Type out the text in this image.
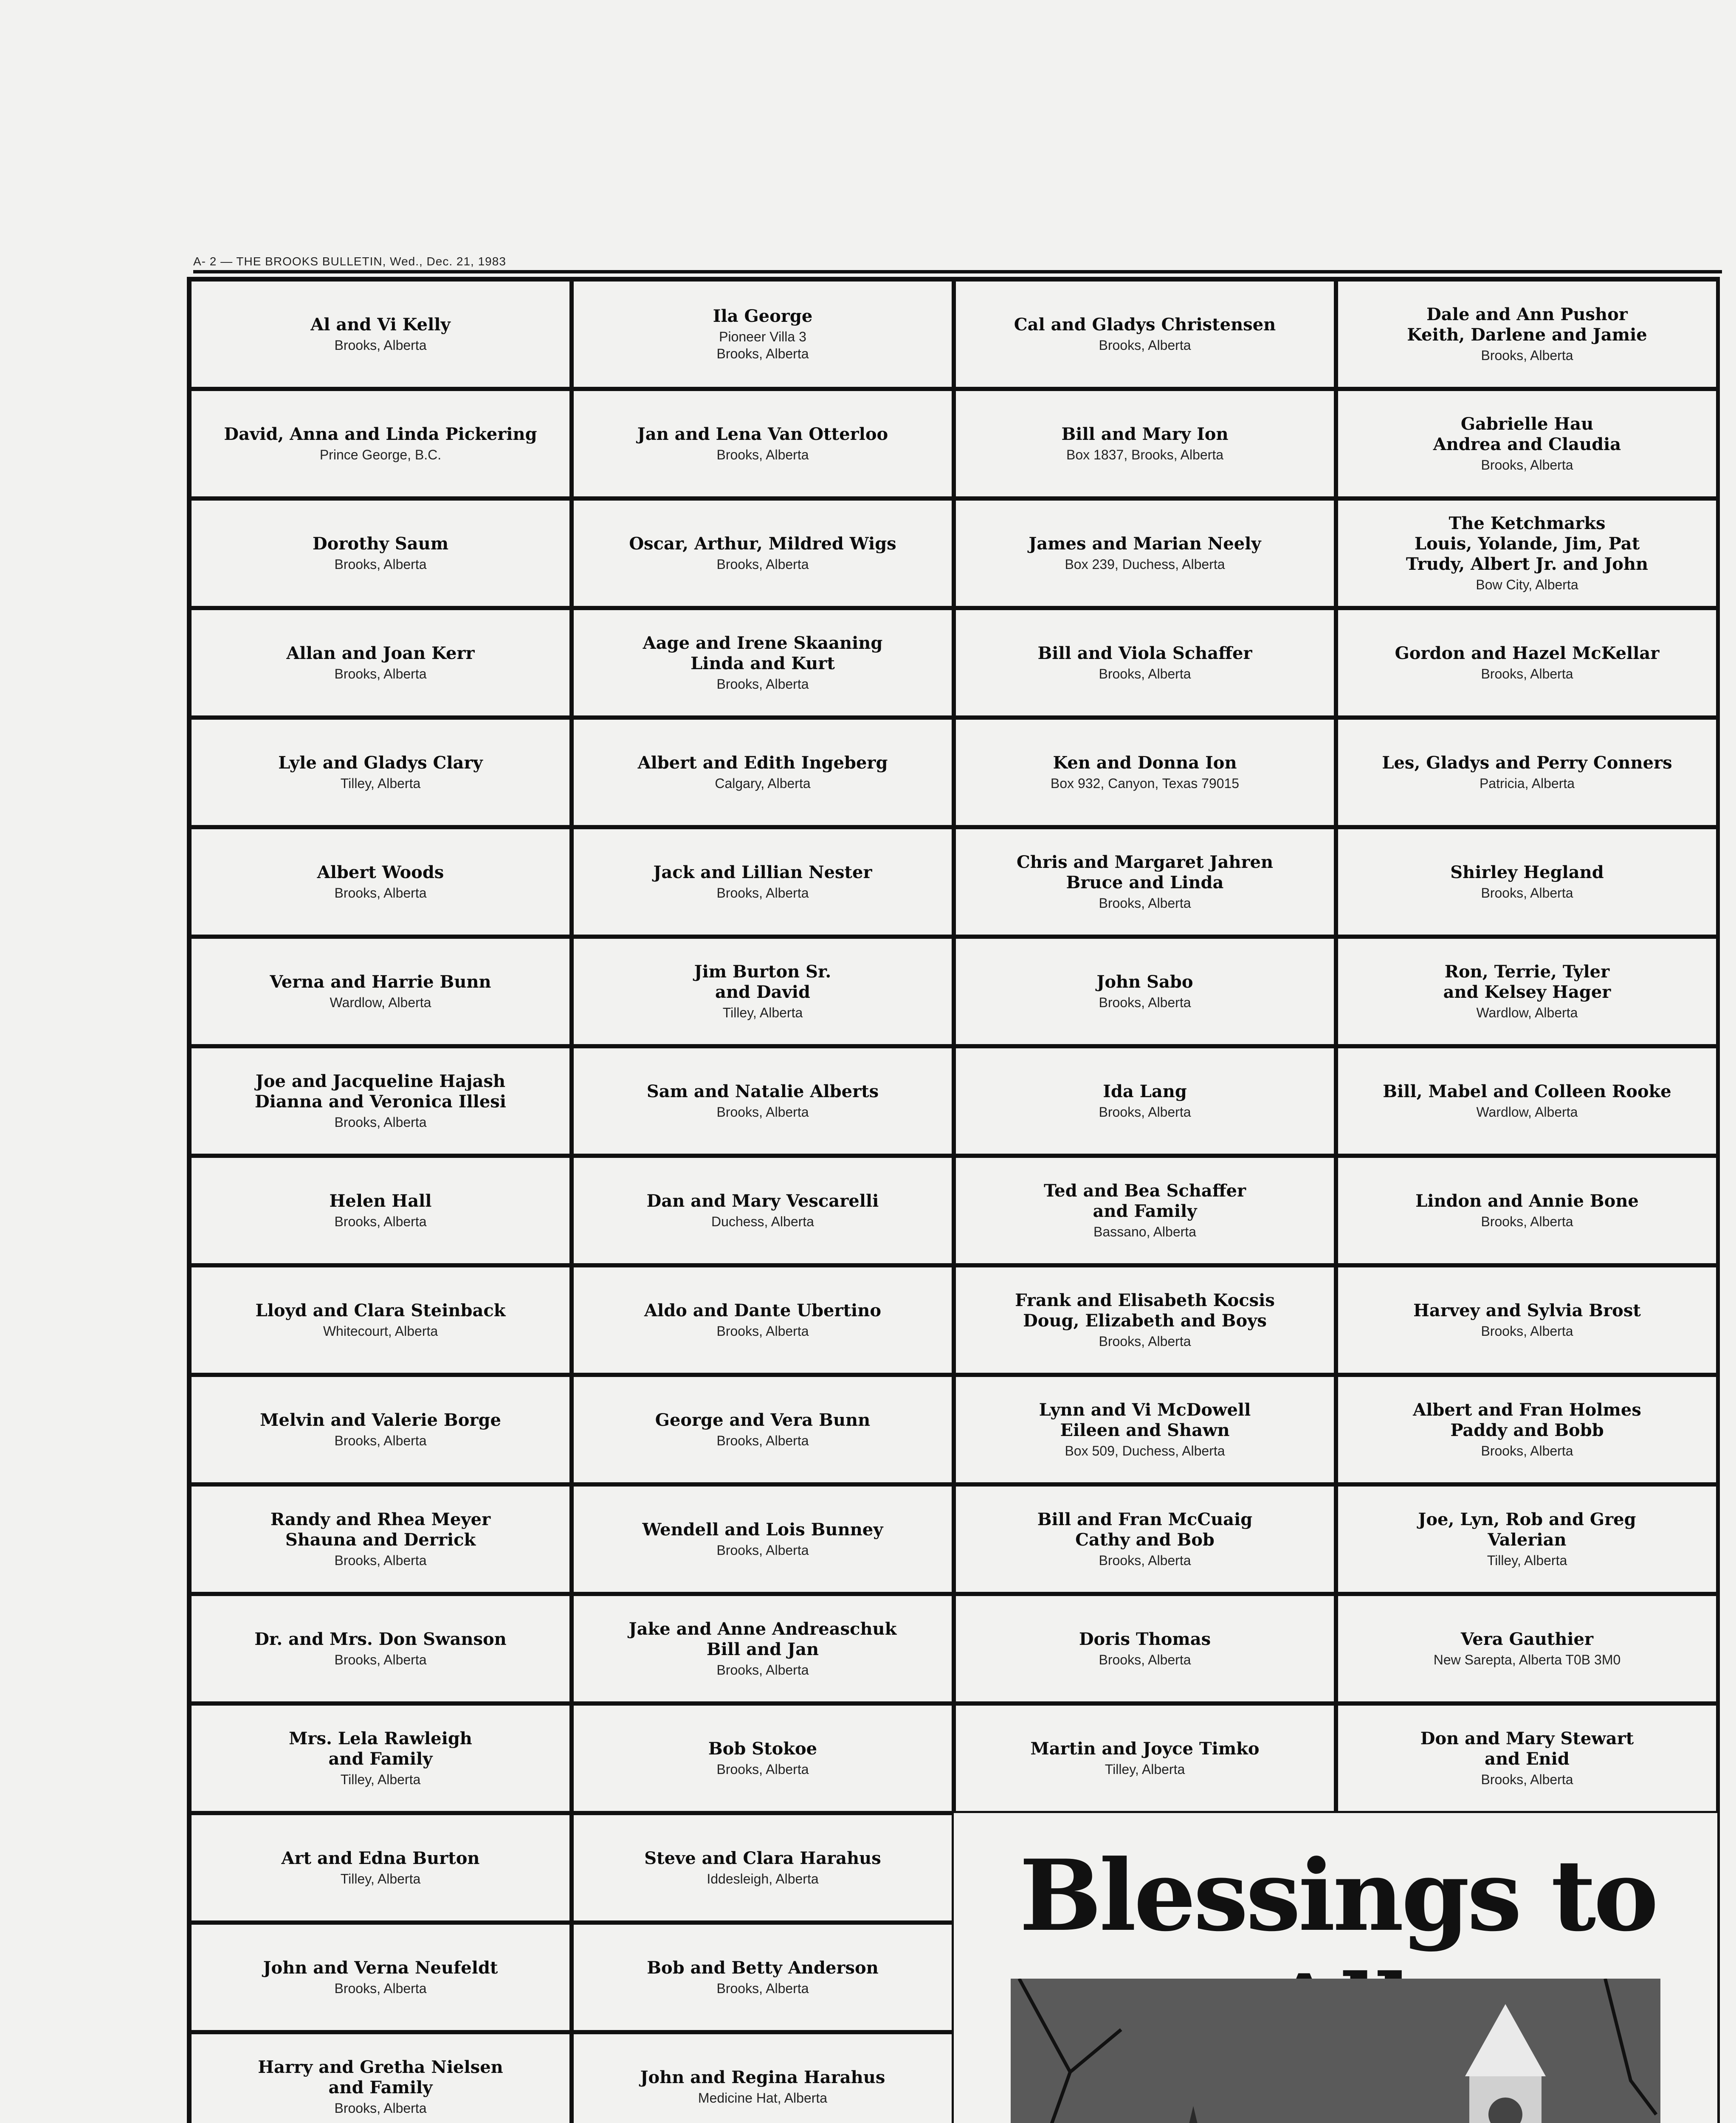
A- 2 — THE BROOKS BULLETIN, Wed., Dec. 21, 1983
Al and Vi Kelly
Brooks, Alberta
David, Anna and Linda Pickering
Prince George, B.C.
Dorothy Saum
Brooks, Alberta
Allan and Joan Kerr
Brooks, Alberta
Lyle and Gladys Clary
Tilley, Alberta
Albert Woods
Brooks, Alberta
Verna and Harrie Bunn
Wardlow, Alberta
Joe and Jacqueline Hajash
Dianna and Veronica Illesi
Brooks, Alberta
Helen Hall
Brooks, Alberta
Lloyd and Clara Steinback
Whitecourt, Alberta
Melvin and Valerie Borge
Brooks, Alberta
Randy and Rhea Meyer
Shauna and Derrick
Brooks, Alberta
Dr. and Mrs. Don Swanson
Brooks, Alberta
Mrs. Lela Rawleigh
and Family
Tilley, Alberta
Art and Edna Burton
Tilley, Alberta
John and Verna Neufeldt
Brooks, Alberta
Harry and Gretha Nielsen
and Family
Brooks, Alberta
Ila George
Pioneer Villa 3
Brooks, Alberta
Jan and Lena Van Otterloo
Brooks, Alberta
Oscar, Arthur, Mildred Wigs
Brooks, Alberta
Aage and Irene Skaaning
Linda and Kurt
Brooks, Alberta
Albert and Edith Ingeberg
Calgary, Alberta
Jack and Lillian Nester
Brooks, Alberta
Jim Burton Sr.
and David
Tilley, Alberta
Sam and Natalie Alberts
Brooks, Alberta
Dan and Mary Vescarelli
Duchess, Alberta
Aldo and Dante Ubertino
Brooks, Alberta
George and Vera Bunn
Brooks, Alberta
Wendell and Lois Bunney
Brooks, Alberta
Jake and Anne Andreaschuk
Bill and Jan
Brooks, Alberta
Bob Stokoe
Brooks, Alberta
Steve and Clara Harahus
Iddesleigh, Alberta
Bob and Betty Anderson
Brooks, Alberta
John and Regina Harahus
Medicine Hat, Alberta
Cal and Gladys Christensen
Brooks, Alberta
Bill and Mary Ion
Box 1837, Brooks, Alberta
James and Marian Neely
Box 239, Duchess, Alberta
Bill and Viola Schaffer
Brooks, Alberta
Ken and Donna Ion
Box 932, Canyon, Texas 79015
Chris and Margaret Jahren
Bruce and Linda
Brooks, Alberta
John Sabo
Brooks, Alberta
Ida Lang
Brooks, Alberta
Ted and Bea Schaffer
and Family
Bassano, Alberta
Frank and Elisabeth Kocsis
Doug, Elizabeth and Boys
Brooks, Alberta
Lynn and Vi McDowell
Eileen and Shawn
Box 509, Duchess, Alberta
Bill and Fran McCuaig
Cathy and Bob
Brooks, Alberta
Doris Thomas
Brooks, Alberta
Martin and Joyce Timko
Tilley, Alberta
Dale and Ann Pushor
Keith, Darlene and Jamie
Brooks, Alberta
Gabrielle Hau
Andrea and Claudia
Brooks, Alberta
The Ketchmarks
Louis, Yolande, Jim, Pat
Trudy, Albert Jr. and John
Bow City, Alberta
Gordon and Hazel McKellar
Brooks, Alberta
Les, Gladys and Perry Conners
Patricia, Alberta
Shirley Hegland
Brooks, Alberta
Ron, Terrie, Tyler
and Kelsey Hager
Wardlow, Alberta
Bill, Mabel and Colleen Rooke
Wardlow, Alberta
Lindon and Annie Bone
Brooks, Alberta
Harvey and Sylvia Brost
Brooks, Alberta
Albert and Fran Holmes
Paddy and Bobb
Brooks, Alberta
Joe, Lyn, Rob and Greg
Valerian
Tilley, Alberta
Vera Gauthier
New Sarepta, Alberta T0B 3M0
Don and Mary Stewart
and Enid
Brooks, Alberta
Blessings to
